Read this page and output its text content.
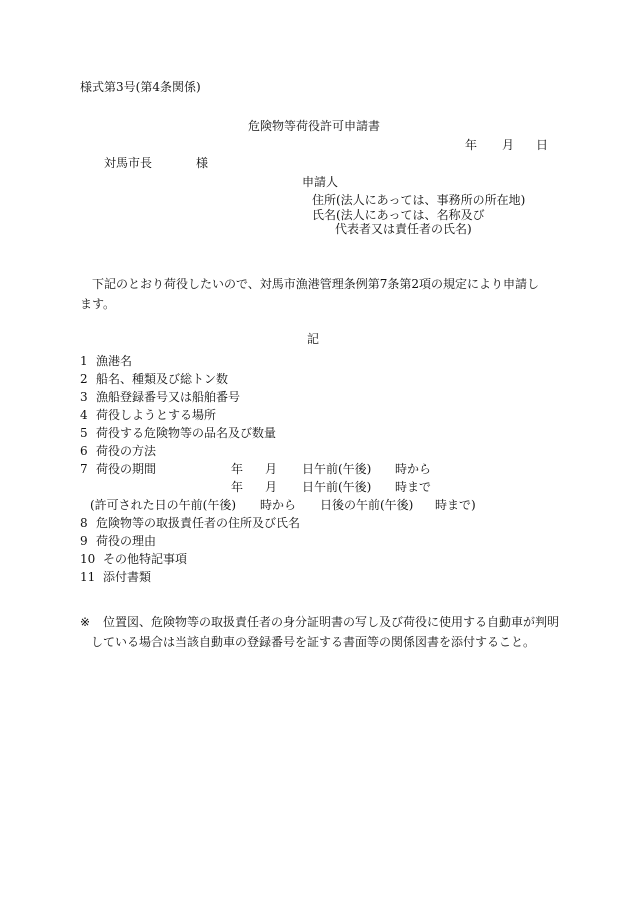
様式第3号(第4条関係)
危険物等荷役許可申請書
年 月 日
対馬市長	様
申請人
住所(法人にあっては、事務所の所在地)
氏名(法人にあっては、名称及び
代表者又は責任者の氏名)
下記のとおり荷役したいので、対馬市漁港管理条例第7条第2項の規定により申請します。
記
1 漁港名
2 船名、種類及び総トン数
3 漁船登録番号又は船舶番号
4 荷役しようとする場所
5 荷役する危険物等の品名及び数量
6 荷役の方法
7 荷役の期間	年 月 日午前(午後) 時から
年 月 日午前(午後) 時まで
(許可された日の午前(午後) 時から 日後の午前(午後) 時まで)
8 危険物等の取扱責任者の住所及び氏名
9 荷役の理由
10 その他特記事項
11 添付書類
※ 位置図、危険物等の取扱責任者の身分証明書の写し及び荷役に使用する自動車が判明
している場合は当該自動車の登録番号を証する書面等の関係図書を添付すること。
